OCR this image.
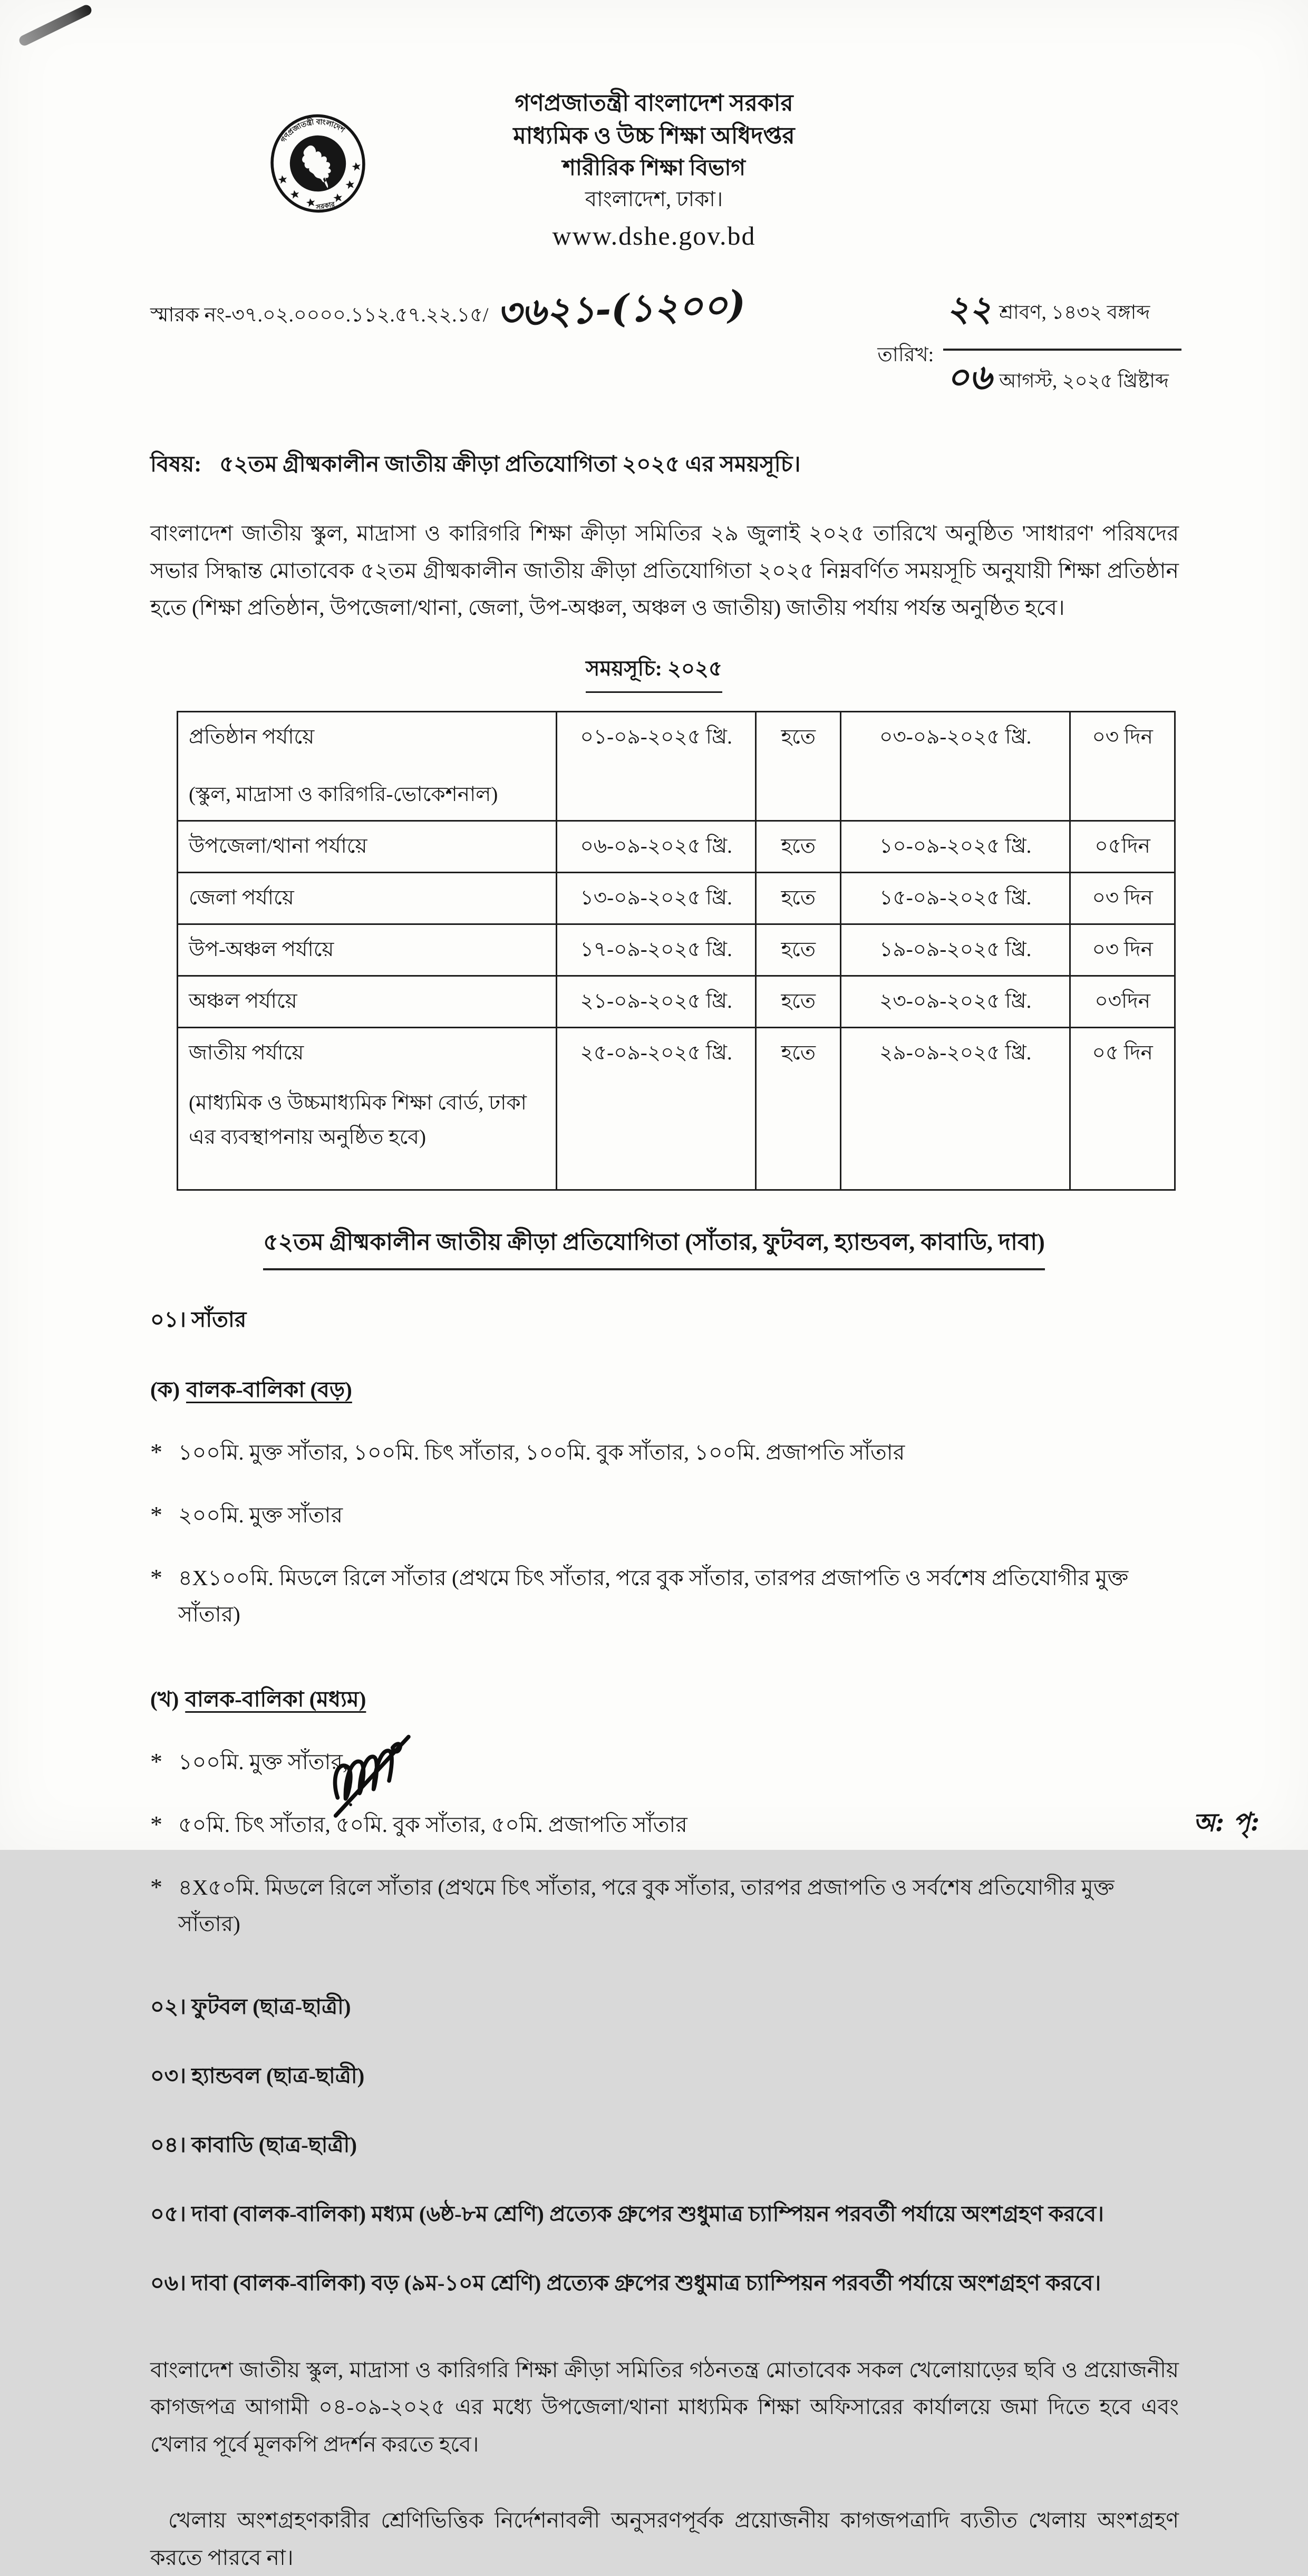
গণপ্রজাতন্ত্রী বাংলাদেশ
সরকার
গণপ্রজাতন্ত্রী বাংলাদেশ সরকার
মাধ্যমিক ও উচ্চ শিক্ষা অধিদপ্তর
শারীরিক শিক্ষা বিভাগ
বাংলাদেশ, ঢাকা।
www.dshe.gov.bd
স্মারক নং-৩৭.০২.০০০০.১১২.৫৭.২২.১৫/ ৩৬২১-(১২০০)
তারিখ: $\frac{\text{২২ শ্রাবণ, ১৪৩২ বঙ্গাব্দ}}{\text{০৬ আগস্ট, ২০২৫ খ্রিষ্টাব্দ}}$
বিষয়: ৫২তম গ্রীষ্মকালীন জাতীয় ক্রীড়া প্রতিযোগিতা ২০২৫ এর সময়সূচি।
বাংলাদেশ জাতীয় স্কুল, মাদ্রাসা ও কারিগরি শিক্ষা ক্রীড়া সমিতির ২৯ জুলাই ২০২৫ তারিখে অনুষ্ঠিত 'সাধারণ' পরিষদের সভার সিদ্ধান্ত মোতাবেক ৫২তম গ্রীষ্মকালীন জাতীয় ক্রীড়া প্রতিযোগিতা ২০২৫ নিম্নবর্ণিত সময়সূচি অনুযায়ী শিক্ষা প্রতিষ্ঠান হতে (শিক্ষা প্রতিষ্ঠান, উপজেলা/থানা, জেলা, উপ-অঞ্চল, অঞ্চল ও জাতীয়) জাতীয় পর্যায় পর্যন্ত অনুষ্ঠিত হবে।
সময়সূচি: ২০২৫
প্রতিষ্ঠান পর্যায়ে
(স্কুল, মাদ্রাসা ও কারিগরি-ভোকেশনাল)	০১-০৯-২০২৫ খ্রি.	হতে	০৩-০৯-২০২৫ খ্রি.	০৩ দিন
উপজেলা/থানা পর্যায়ে	০৬-০৯-২০২৫ খ্রি.	হতে	১০-০৯-২০২৫ খ্রি.	০৫দিন
জেলা পর্যায়ে	১৩-০৯-২০২৫ খ্রি.	হতে	১৫-০৯-২০২৫ খ্রি.	০৩ দিন
উপ-অঞ্চল পর্যায়ে	১৭-০৯-২০২৫ খ্রি.	হতে	১৯-০৯-২০২৫ খ্রি.	০৩ দিন
অঞ্চল পর্যায়ে	২১-০৯-২০২৫ খ্রি.	হতে	২৩-০৯-২০২৫ খ্রি.	০৩দিন
জাতীয় পর্যায়ে
(মাধ্যমিক ও উচ্চমাধ্যমিক শিক্ষা বোর্ড, ঢাকা এর ব্যবস্থাপনায় অনুষ্ঠিত হবে)	২৫-০৯-২০২৫ খ্রি.	হতে	২৯-০৯-২০২৫ খ্রি.	০৫ দিন
৫২তম গ্রীষ্মকালীন জাতীয় ক্রীড়া প্রতিযোগিতা (সাঁতার, ফুটবল, হ্যান্ডবল, কাবাডি, দাবা)
০১। সাঁতার
(ক) বালক-বালিকা (বড়)
* ১০০মি. মুক্ত সাঁতার, ১০০মি. চিৎ সাঁতার, ১০০মি. বুক সাঁতার, ১০০মি. প্রজাপতি সাঁতার
* ২০০মি. মুক্ত সাঁতার
* ৪X১০০মি. মিডলে রিলে সাঁতার (প্রথমে চিৎ সাঁতার, পরে বুক সাঁতার, তারপর প্রজাপতি ও সর্বশেষ প্রতিযোগীর মুক্ত সাঁতার)
(খ) বালক-বালিকা (মধ্যম)
* ১০০মি. মুক্ত সাঁতার,
* ৫০মি. চিৎ সাঁতার, ৫০মি. বুক সাঁতার, ৫০মি. প্রজাপতি সাঁতার
* ৪X৫০মি. মিডলে রিলে সাঁতার (প্রথমে চিৎ সাঁতার, পরে বুক সাঁতার, তারপর প্রজাপতি ও সর্বশেষ প্রতিযোগীর মুক্ত সাঁতার)
০২। ফুটবল (ছাত্র-ছাত্রী)
০৩। হ্যান্ডবল (ছাত্র-ছাত্রী)
০৪। কাবাডি (ছাত্র-ছাত্রী)
০৫। দাবা (বালক-বালিকা) মধ্যম (৬ষ্ঠ-৮ম শ্রেণি) প্রত্যেক গ্রুপের শুধুমাত্র চ্যাম্পিয়ন পরবর্তী পর্যায়ে অংশগ্রহণ করবে।
০৬। দাবা (বালক-বালিকা) বড় (৯ম-১০ম শ্রেণি) প্রত্যেক গ্রুপের শুধুমাত্র চ্যাম্পিয়ন পরবর্তী পর্যায়ে অংশগ্রহণ করবে।
বাংলাদেশ জাতীয় স্কুল, মাদ্রাসা ও কারিগরি শিক্ষা ক্রীড়া সমিতির গঠনতন্ত্র মোতাবেক সকল খেলোয়াড়ের ছবি ও প্রয়োজনীয় কাগজপত্র আগামী ০৪-০৯-২০২৫ এর মধ্যে উপজেলা/থানা মাধ্যমিক শিক্ষা অফিসারের কার্যালয়ে জমা দিতে হবে এবং খেলার পূর্বে মূলকপি প্রদর্শন করতে হবে।
খেলায় অংশগ্রহণকারীর শ্রেণিভিত্তিক নির্দেশনাবলী অনুসরণপূর্বক প্রয়োজনীয় কাগজপত্রাদি ব্যতীত খেলায় অংশগ্রহণ করতে পারবে না।
অ: পৃ:
